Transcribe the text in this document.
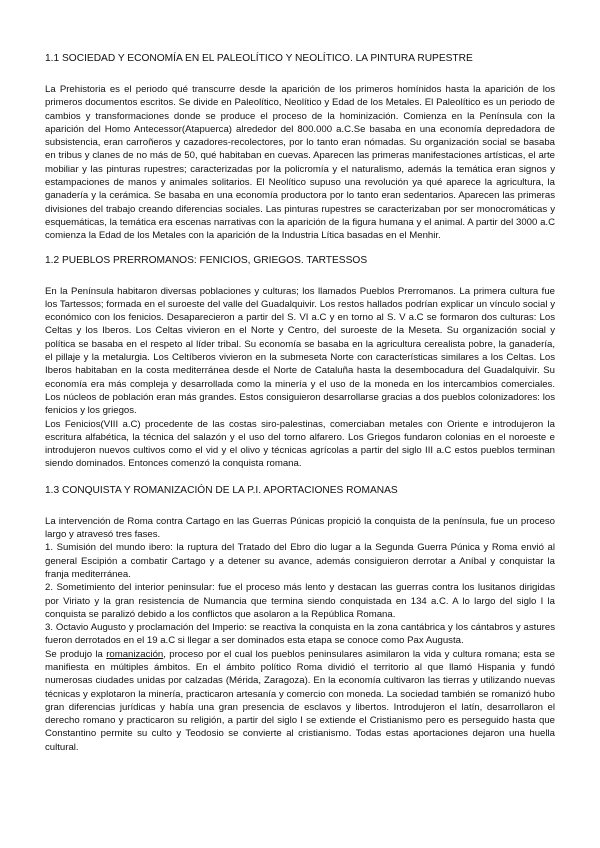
1.1 SOCIEDAD Y ECONOMÍA EN EL PALEOLÍTICO Y NEOLÍTICO. LA PINTURA RUPESTRE

La Prehistoria es el periodo qué transcurre desde la aparición de los primeros homínidos hasta la aparición de los primeros documentos escritos. Se divide en Paleolítico, Neolítico y Edad de los Metales. El Paleolítico es un periodo de cambios y transformaciones donde se produce el proceso de la hominización. Comienza en la Península con la aparición del Homo Antecessor(Atapuerca) alrededor del 800.000 a.C.Se basaba en una economía depredadora de subsistencia, eran carroñeros y cazadores-recolectores, por lo tanto eran nómadas. Su organización social se basaba en tribus y clanes de no más de 50, qué habitaban en cuevas. Aparecen las primeras manifestaciones artísticas, el arte mobiliar y las pinturas rupestres; caracterizadas por la policromía y el naturalismo, además la temática eran signos y estampaciones de manos y animales solitarios. El Neolítico supuso una revolución ya qué aparece la agricultura, la ganadería y la cerámica. Se basaba en una economía productora por lo tanto eran sedentarios. Aparecen las primeras divisiones del trabajo creando diferencias sociales. Las pinturas rupestres se caracterizaban por ser monocromáticas y esquemáticas, la temática era escenas narrativas con la aparición de la figura humana y el animal. A partir del 3000 a.C comienza la Edad de los Metales con la aparición de la Industria Lítica basadas en el Menhir.

1.2 PUEBLOS PRERROMANOS: FENICIOS, GRIEGOS. TARTESSOS

En la Península habitaron diversas poblaciones y culturas; los llamados Pueblos Prerromanos. La primera cultura fue los Tartessos; formada en el suroeste del valle del Guadalquivir. Los restos hallados podrían explicar un vínculo social y económico con los fenicios. Desaparecieron a partir del S. VI a.C y en torno al S. V a.C se formaron dos culturas: Los Celtas y los Iberos. Los Celtas vivieron en el Norte y Centro, del suroeste de la Meseta. Su organización social y política se basaba en el respeto al líder tribal. Su economía se basaba en la agricultura cerealista pobre, la ganadería, el pillaje y la metalurgia. Los Celtíberos vivieron en la submeseta Norte con características similares a los Celtas. Los Iberos habitaban en la costa mediterránea desde el Norte de Cataluña hasta la desembocadura del Guadalquivir. Su economía era más compleja y desarrollada como la minería y el uso de la moneda en los intercambios comerciales. Los núcleos de población eran más grandes. Estos consiguieron desarrollarse gracias a dos pueblos colonizadores: los fenicios y los griegos.

Los Fenicios(VIII a.C) procedente de las costas siro-palestinas, comerciaban metales con Oriente e introdujeron la escritura alfabética, la técnica del salazón y el uso del torno alfarero. Los Griegos fundaron colonias en el noroeste e introdujeron nuevos cultivos como el vid y el olivo y técnicas agrícolas a partir del siglo III a.C estos pueblos terminan siendo dominados. Entonces comenzó la conquista romana.

1.3 CONQUISTA Y ROMANIZACIÓN DE LA P.I. APORTACIONES ROMANAS

La intervención de Roma contra Cartago en las Guerras Púnicas propició la conquista de la península, fue un proceso largo y atravesó tres fases.

1. Sumisión del mundo ibero: la ruptura del Tratado del Ebro dio lugar a la Segunda Guerra Púnica y Roma envió al general Escipión a combatir Cartago y a detener su avance, además consiguieron derrotar a Aníbal y conquistar la franja mediterránea.

2. Sometimiento del interior peninsular: fue el proceso más lento y destacan las guerras contra los lusitanos dirigidas por Viriato y la gran resistencia de Numancia que termina siendo conquistada en 134 a.C. A lo largo del siglo I la conquista se paralizó debido a los conflictos que asolaron a la República Romana.

3. Octavio Augusto y proclamación del Imperio: se reactiva la conquista en la zona cantábrica y los cántabros y astures fueron derrotados en el 19 a.C si llegar a ser dominados esta etapa se conoce como Pax Augusta.

Se produjo la romanización, proceso por el cual los pueblos peninsulares asimilaron la vida y cultura romana; esta se manifiesta en múltiples ámbitos. En el ámbito político Roma dividió el territorio al que llamó Hispania y fundó numerosas ciudades unidas por calzadas (Mérida, Zaragoza). En la economía cultivaron las tierras y utilizando nuevas técnicas y explotaron la minería, practicaron artesanía y comercio con moneda. La sociedad también se romanizó hubo gran diferencias jurídicas y había una gran presencia de esclavos y libertos. Introdujeron el latín, desarrollaron el derecho romano y practicaron su religión, a partir del siglo I se extiende el Cristianismo pero es perseguido hasta que Constantino permite su culto y Teodosio se convierte al cristianismo. Todas estas aportaciones dejaron una huella cultural.
